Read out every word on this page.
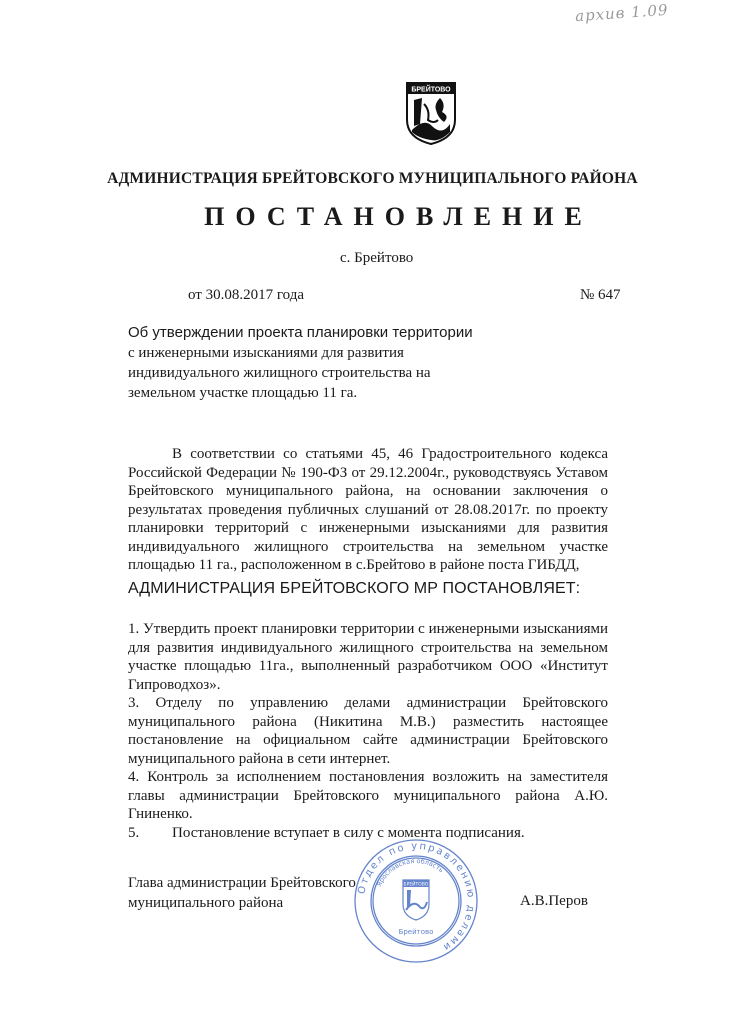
архив 1.09
БРЕЙТОВО
АДМИНИСТРАЦИЯ БРЕЙТОВСКОГО МУНИЦИПАЛЬНОГО РАЙОНА
ПОСТАНОВЛЕНИЕ
с. Брейтово
от 30.08.2017 года	№ 647
Об утверждении проекта планировки территории
с инженерными изысканиями для развития
индивидуального жилищного строительства на
земельном участке площадью 11 га.
В соответствии со статьями 45, 46 Градостроительного кодекса Российской Федерации № 190-ФЗ от 29.12.2004г., руководствуясь Уставом Брейтовского муниципального района, на основании заключения о результатах проведения публичных слушаний от 28.08.2017г. по проекту планировки территорий с инженерными изысканиями для развития индивидуального жилищного строительства на земельном участке площадью 11 га., расположенном в с.Брейтово в районе поста ГИБДД,
АДМИНИСТРАЦИЯ БРЕЙТОВСКОГО МР ПОСТАНОВЛЯЕТ:

1. Утвердить проект планировки территории с инженерными изысканиями для развития индивидуального жилищного строительства на земельном участке площадью 11га., выполненный разработчиком ООО «Институт Гипроводхоз».

3. Отделу по управлению делами администрации Брейтовского муниципального района (Никитина М.В.) разместить настоящее постановление на официальном сайте администрации Брейтовского муниципального района в сети интернет.

4. Контроль за исполнением постановления возложить на заместителя главы администрации Брейтовского муниципального района А.Ю. Гниненко.

5. Постановление вступает в силу с момента подписания.

Глава администрации Брейтовского
муниципального района	А.В.Перов
Отдел по управлению делами
Ярославская область
БРЕЙТОВО
Брейтово
